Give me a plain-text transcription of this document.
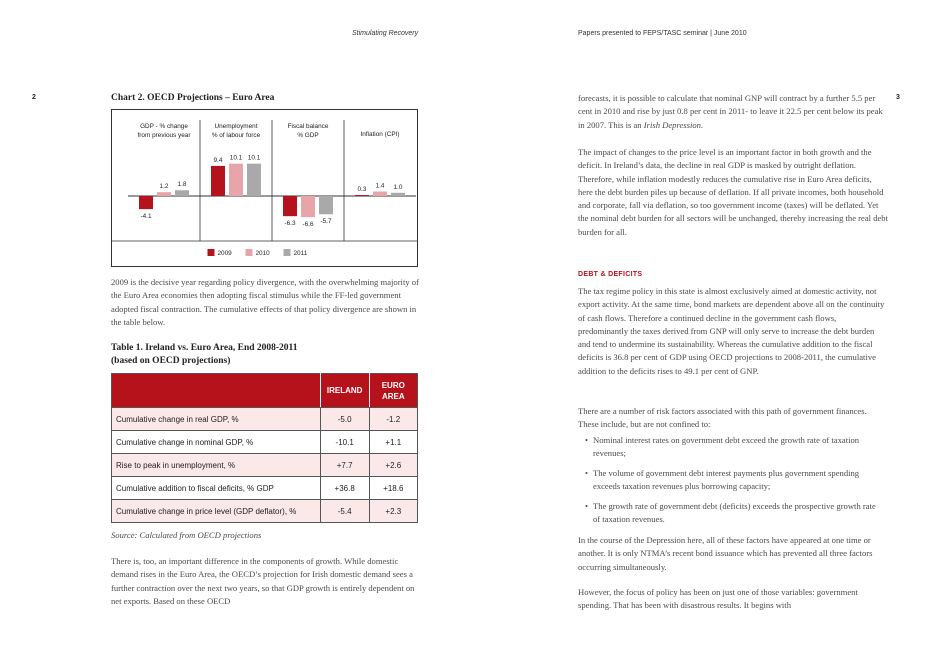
Stimulating Recovery	Papers presented to FEPS/TASC seminar | June 2010
2	3
Chart 2. OECD Projections – Euro Area
GDP - % change
from previous year
Unemployment
% of labour force
Fiscal balance
% GDP	Inflation (CPI)
-4.1
9.4
-6.3
0.3
1.2
10.1
-6.6
1.4
1.8
10.1
-5.7
1.0
2009	2010	2011

2009 is the decisive year regarding policy divergence, with the overwhelming majority of the Euro Area economies then adopting fiscal stimulus while the FF-led government adopted fiscal contraction. The cumulative effects of that policy divergence are shown in the table below.

Table 1. Ireland vs. Euro Area, End 2008-2011
(based on OECD projections)
	IRELAND	EURO
AREA
Cumulative change in real GDP, %	-5.0	-1.2
Cumulative change in nominal GDP, %	-10.1	+1.1
Rise to peak in unemployment, %	+7.7	+2.6
Cumulative addition to fiscal deficits, % GDP	+36.8	+18.6
Cumulative change in price level (GDP deflator), %	-5.4	+2.3
Source: Calculated from OECD projections

There is, too, an important difference in the components of growth. While domestic demand rises in the Euro Area, the OECD’s projection for Irish domestic demand sees a further contraction over the next two years, so that GDP growth is entirely dependent on net exports. Based on these OECD

forecasts, it is possible to calculate that nominal GNP will contract by a further 5.5 per cent in 2010 and rise by just 0.8 per cent in 2011- to leave it 22.5 per cent below its peak in 2007. This is an Irish Depression.

The impact of changes to the price level is an important factor in both growth and the deficit. In Ireland’s data, the decline in real GDP is masked by outright deflation. Therefore, while inflation modestly reduces the cumulative rise in Euro Area deficits, here the debt burden piles up because of deflation. If all private incomes, both household and corporate, fall via deflation, so too government income (taxes) will be deflated. Yet the nominal debt burden for all sectors will be unchanged, thereby increasing the real debt burden for all.

DEBT & DEFICITS

The tax regime policy in this state is almost exclusively aimed at domestic activity, not export activity. At the same time, bond markets are dependent above all on the continuity of cash flows. Therefore a continued decline in the government cash flows, predominantly the taxes derived from GNP will only serve to increase the debt burden and tend to undermine its sustainability. Whereas the cumulative addition to the fiscal deficits is 36.8 per cent of GDP using OECD projections to 2008-2011, the cumulative addition to the deficits rises to 49.1 per cent of GNP.

There are a number of risk factors associated with this path of government finances. These include, but are not confined to:

• Nominal interest rates on government debt exceed the growth rate of taxation revenues;
• The volume of government debt interest payments plus government spending exceeds taxation revenues plus borrowing capacity;
• The growth rate of government debt (deficits) exceeds the prospective growth rate of taxation revenues.

In the course of the Depression here, all of these factors have appeared at one time or another. It is only NTMA’s recent bond issuance which has prevented all three factors occurring simultaneously.

However, the focus of policy has been on just one of those variables: government spending. That has been with disastrous results. It begins with
